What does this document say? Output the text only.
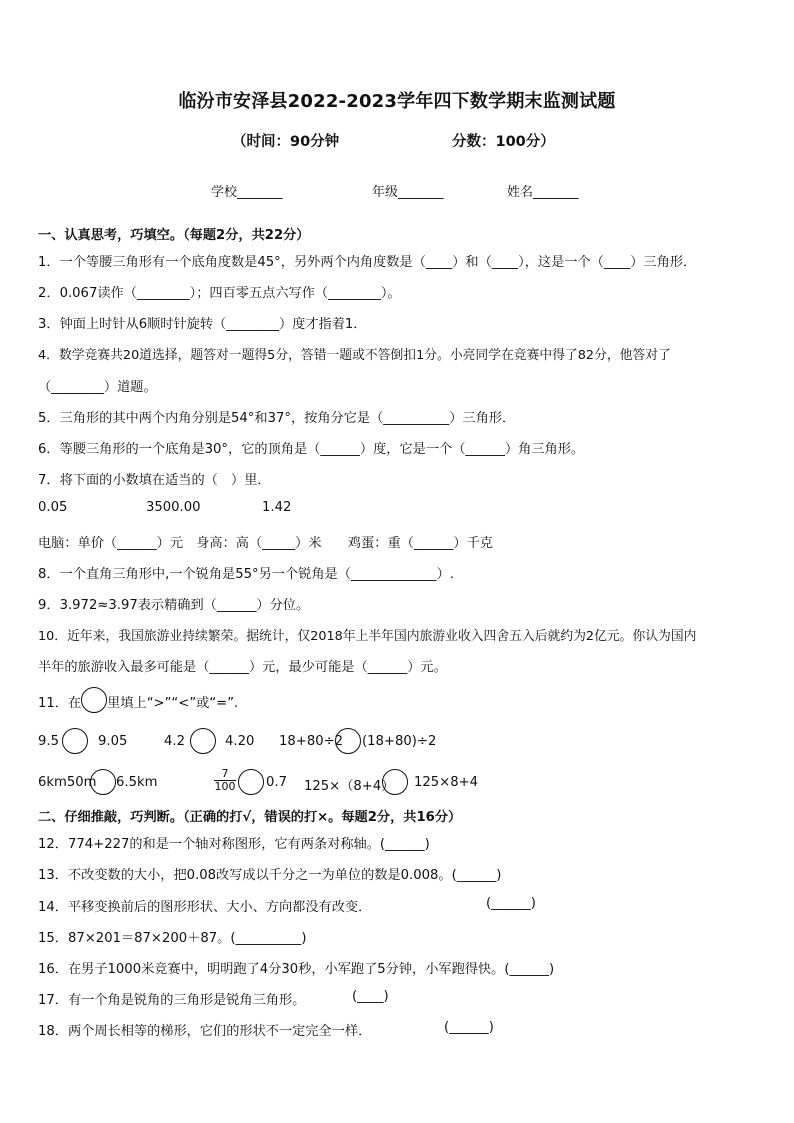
临汾市安泽县2022-2023学年四下数学期末监测试题
（时间：90分钟	分数：100分）
学校_______	年级_______	姓名_______
一、认真思考，巧填空。（每题2分，共22分）
1．一个等腰三角形有一个底角度数是45°，另外两个内角度数是（____）和（____），这是一个（____）三角形．
2．0.067读作（________）；四百零五点六写作（________）。
3．钟面上时针从6顺时针旋转（________）度才指着1．
4．数学竞赛共20道选择，题答对一题得5分，答错一题或不答倒扣1分。小亮同学在竞赛中得了82分，他答对了
（________）道题。
5．三角形的其中两个内角分别是54°和37°，按角分它是（__________）三角形．
6．等腰三角形的一个底角是30°，它的顶角是（______）度，它是一个（______）角三角形。
7．将下面的小数填在适当的（　）里．
0.05	3500.00	1.42
电脑：单价（______）元　身高：高（_____）米　　鸡蛋：重（______）千克
8．一个直角三角形中,一个锐角是55°另一个锐角是（_____________）.
9．3.972≈3.97表示精确到（______）分位。
10．近年来，我国旅游业持续繁荣。据统计，仅2018年上半年国内旅游业收入四舍五入后就约为2亿元。你认为国内
半年的旅游收入最多可能是（______）元，最少可能是（______）元。
11．在 里填上“>”“<”或“=”.
9.5	9.05	4.2	4.20 18+80÷2 (18+80)÷2
6km50m 6.5km	$\frac{7}{100} 0.7$ 125×（8+4） 125×8+4
二、仔细推敲，巧判断。（正确的打√，错误的打×。每题2分，共16分）
12．774+227的和是一个轴对称图形，它有两条对称轴。(______)
13．不改变数的大小，把0.08改写成以千分之一为单位的数是0.008。(______)
14．平移变换前后的图形形状、大小、方向都没有改变．	(______)
15．87×201＝87×200＋87。(__________)
16．在男子1000米竞赛中，明明跑了4分30秒，小军跑了5分钟，小军跑得快。(______)
17．有一个角是锐角的三角形是锐角三角形。	(____)
18．两个周长相等的梯形，它们的形状不一定完全一样．	(______)
